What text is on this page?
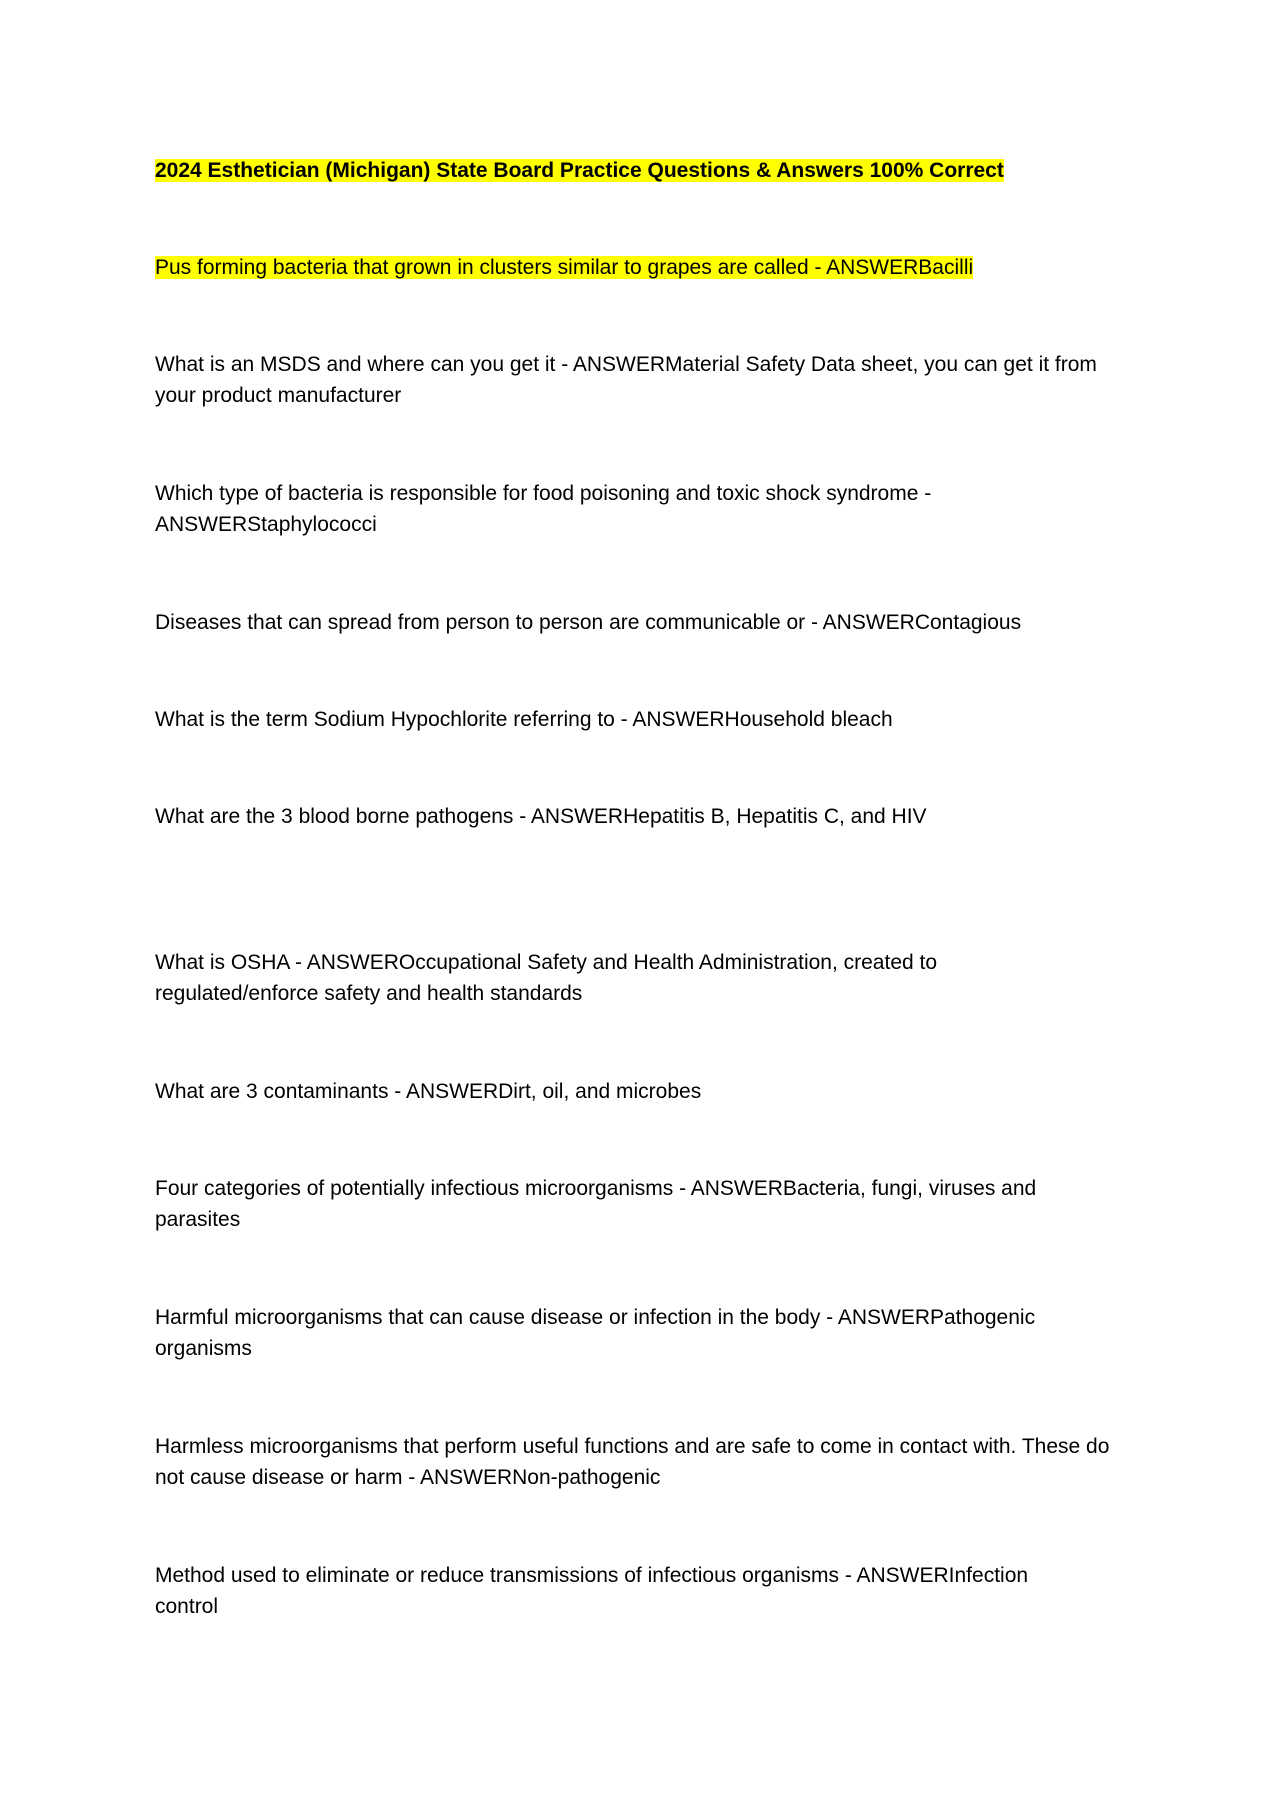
2024 Esthetician (Michigan) State Board Practice Questions & Answers 100% Correct

Pus forming bacteria that grown in clusters similar to grapes are called - ANSWERBacilli

What is an MSDS and where can you get it - ANSWERMaterial Safety Data sheet, you can get it from your product manufacturer

Which type of bacteria is responsible for food poisoning and toxic shock syndrome - ANSWERStaphylococci

Diseases that can spread from person to person are communicable or - ANSWERContagious

What is the term Sodium Hypochlorite referring to - ANSWERHousehold bleach

What are the 3 blood borne pathogens - ANSWERHepatitis B, Hepatitis C, and HIV

What is OSHA - ANSWEROccupational Safety and Health Administration, created to regulated/enforce safety and health standards

What are 3 contaminants - ANSWERDirt, oil, and microbes

Four categories of potentially infectious microorganisms - ANSWERBacteria, fungi, viruses and parasites

Harmful microorganisms that can cause disease or infection in the body - ANSWERPathogenic organisms

Harmless microorganisms that perform useful functions and are safe to come in contact with. These do not cause disease or harm - ANSWERNon-pathogenic

Method used to eliminate or reduce transmissions of infectious organisms - ANSWERInfection control
